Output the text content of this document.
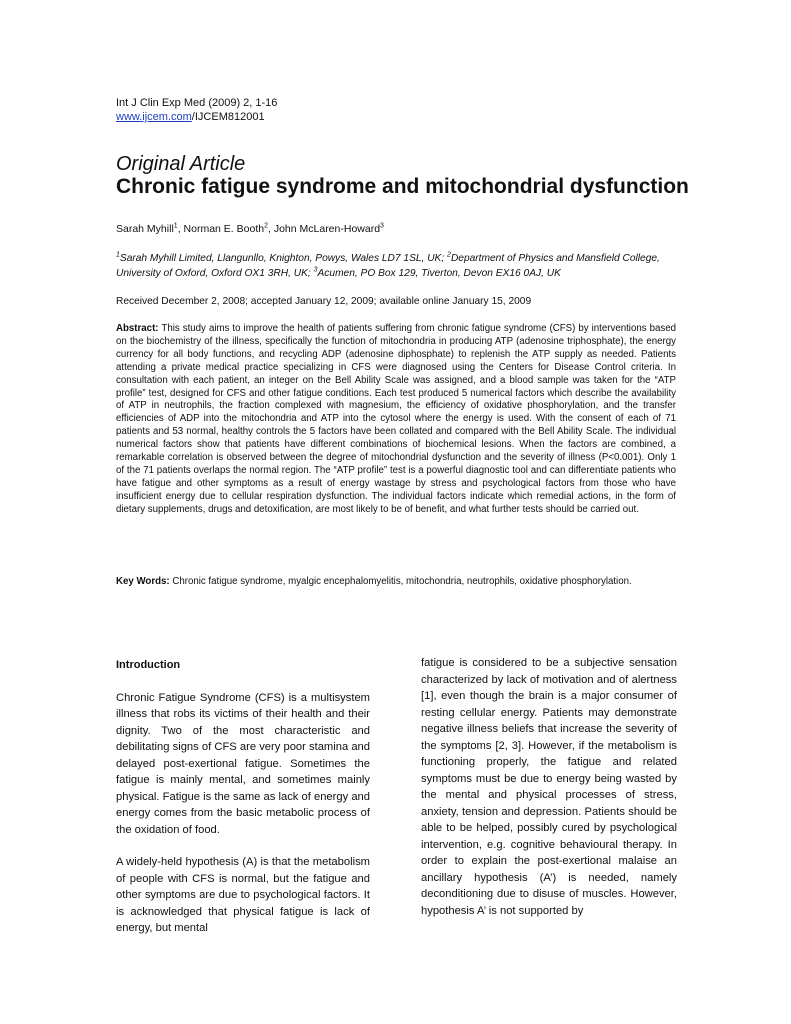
Int J Clin Exp Med (2009) 2, 1-16
www.ijcem.com/IJCEM812001
Original Article
Chronic fatigue syndrome and mitochondrial dysfunction
Sarah Myhill$^1$, Norman E. Booth$^2$, John McLaren-Howard$^3$
$^1$Sarah Myhill Limited, Llangunllo, Knighton, Powys, Wales LD7 1SL, UK; $^2$Department of Physics and Mansfield College, University of Oxford, Oxford OX1 3RH, UK; $^3$Acumen, PO Box 129, Tiverton, Devon EX16 0AJ, UK
Received December 2, 2008; accepted January 12, 2009; available online January 15, 2009
Abstract: This study aims to improve the health of patients suffering from chronic fatigue syndrome (CFS) by interventions based on the biochemistry of the illness, specifically the function of mitochondria in producing ATP (adenosine triphosphate), the energy currency for all body functions, and recycling ADP (adenosine diphosphate) to replenish the ATP supply as needed. Patients attending a private medical practice specializing in CFS were diagnosed using the Centers for Disease Control criteria. In consultation with each patient, an integer on the Bell Ability Scale was assigned, and a blood sample was taken for the “ATP profile” test, designed for CFS and other fatigue conditions. Each test produced 5 numerical factors which describe the availability of ATP in neutrophils, the fraction complexed with magnesium, the efficiency of oxidative phosphorylation, and the transfer efficiencies of ADP into the mitochondria and ATP into the cytosol where the energy is used. With the consent of each of 71 patients and 53 normal, healthy controls the 5 factors have been collated and compared with the Bell Ability Scale. The individual numerical factors show that patients have different combinations of biochemical lesions. When the factors are combined, a remarkable correlation is observed between the degree of mitochondrial dysfunction and the severity of illness (P<0.001). Only 1 of the 71 patients overlaps the normal region. The “ATP profile” test is a powerful diagnostic tool and can differentiate patients who have fatigue and other symptoms as a result of energy wastage by stress and psychological factors from those who have insufficient energy due to cellular respiration dysfunction. The individual factors indicate which remedial actions, in the form of dietary supplements, drugs and detoxification, are most likely to be of benefit, and what further tests should be carried out.
Key Words: Chronic fatigue syndrome, myalgic encephalomyelitis, mitochondria, neutrophils, oxidative phosphorylation.
Introduction

Chronic Fatigue Syndrome (CFS) is a multisystem illness that robs its victims of their health and their dignity. Two of the most characteristic and debilitating signs of CFS are very poor stamina and delayed post-exertional fatigue. Sometimes the fatigue is mainly mental, and sometimes mainly physical. Fatigue is the same as lack of energy and energy comes from the basic metabolic process of the oxidation of food.

A widely-held hypothesis (A) is that the metabolism of people with CFS is normal, but the fatigue and other symptoms are due to psychological factors. It is acknowledged that physical fatigue is lack of energy, but mental

fatigue is considered to be a subjective sensation characterized by lack of motivation and of alertness [1], even though the brain is a major consumer of resting cellular energy. Patients may demonstrate negative illness beliefs that increase the severity of the symptoms [2, 3]. However, if the metabolism is functioning properly, the fatigue and related symptoms must be due to energy being wasted by the mental and physical processes of stress, anxiety, tension and depression. Patients should be able to be helped, possibly cured by psychological intervention, e.g. cognitive behavioural therapy. In order to explain the post-exertional malaise an ancillary hypothesis (A’) is needed, namely deconditioning due to disuse of muscles. However, hypothesis A’ is not supported by
